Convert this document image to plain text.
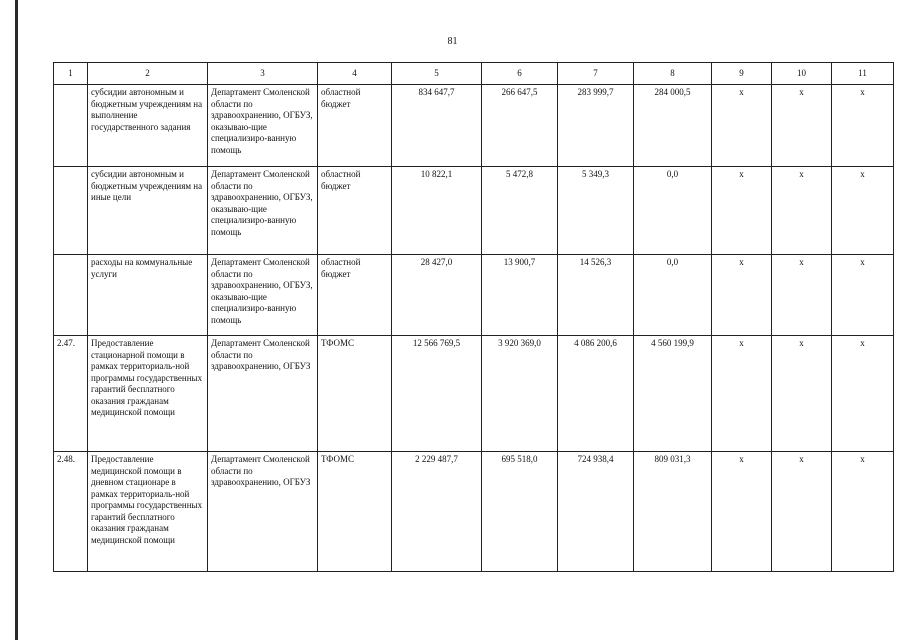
81
1	2	3	4	5	6	7	8	9	10	11
	субсидии автономным и бюджетным учреждениям на выполнение государственного задания	Департамент Смоленской области по здравоохранению, ОГБУЗ, оказываю-щие специализиро-ванную помощь	областной бюджет	834 647,7	266 647,5	283 999,7	284 000,5	x	x	x
	субсидии автономным и бюджетным учреждениям на иные цели	Департамент Смоленской области по здравоохранению, ОГБУЗ, оказываю-щие специализиро-ванную помощь	областной бюджет	10 822,1	5 472,8	5 349,3	0,0	x	x	x
	расходы на коммунальные услуги	Департамент Смоленской области по здравоохранению, ОГБУЗ, оказываю-щие специализиро-ванную помощь	областной бюджет	28 427,0	13 900,7	14 526,3	0,0	x	x	x
2.47.	Предоставление стационарной помощи в рамках территориаль-ной программы государственных гарантий бесплатного оказания гражданам медицинской помощи	Департамент Смоленской области по здравоохранению, ОГБУЗ	ТФОМС	12 566 769,5	3 920 369,0	4 086 200,6	4 560 199,9	x	x	x
2.48.	Предоставление медицинской помощи в дневном стационаре в рамках территориаль-ной программы государственных гарантий бесплатного оказания гражданам медицинской помощи	Департамент Смоленской области по здравоохранению, ОГБУЗ	ТФОМС	2 229 487,7	695 518,0	724 938,4	809 031,3	x	x	x
